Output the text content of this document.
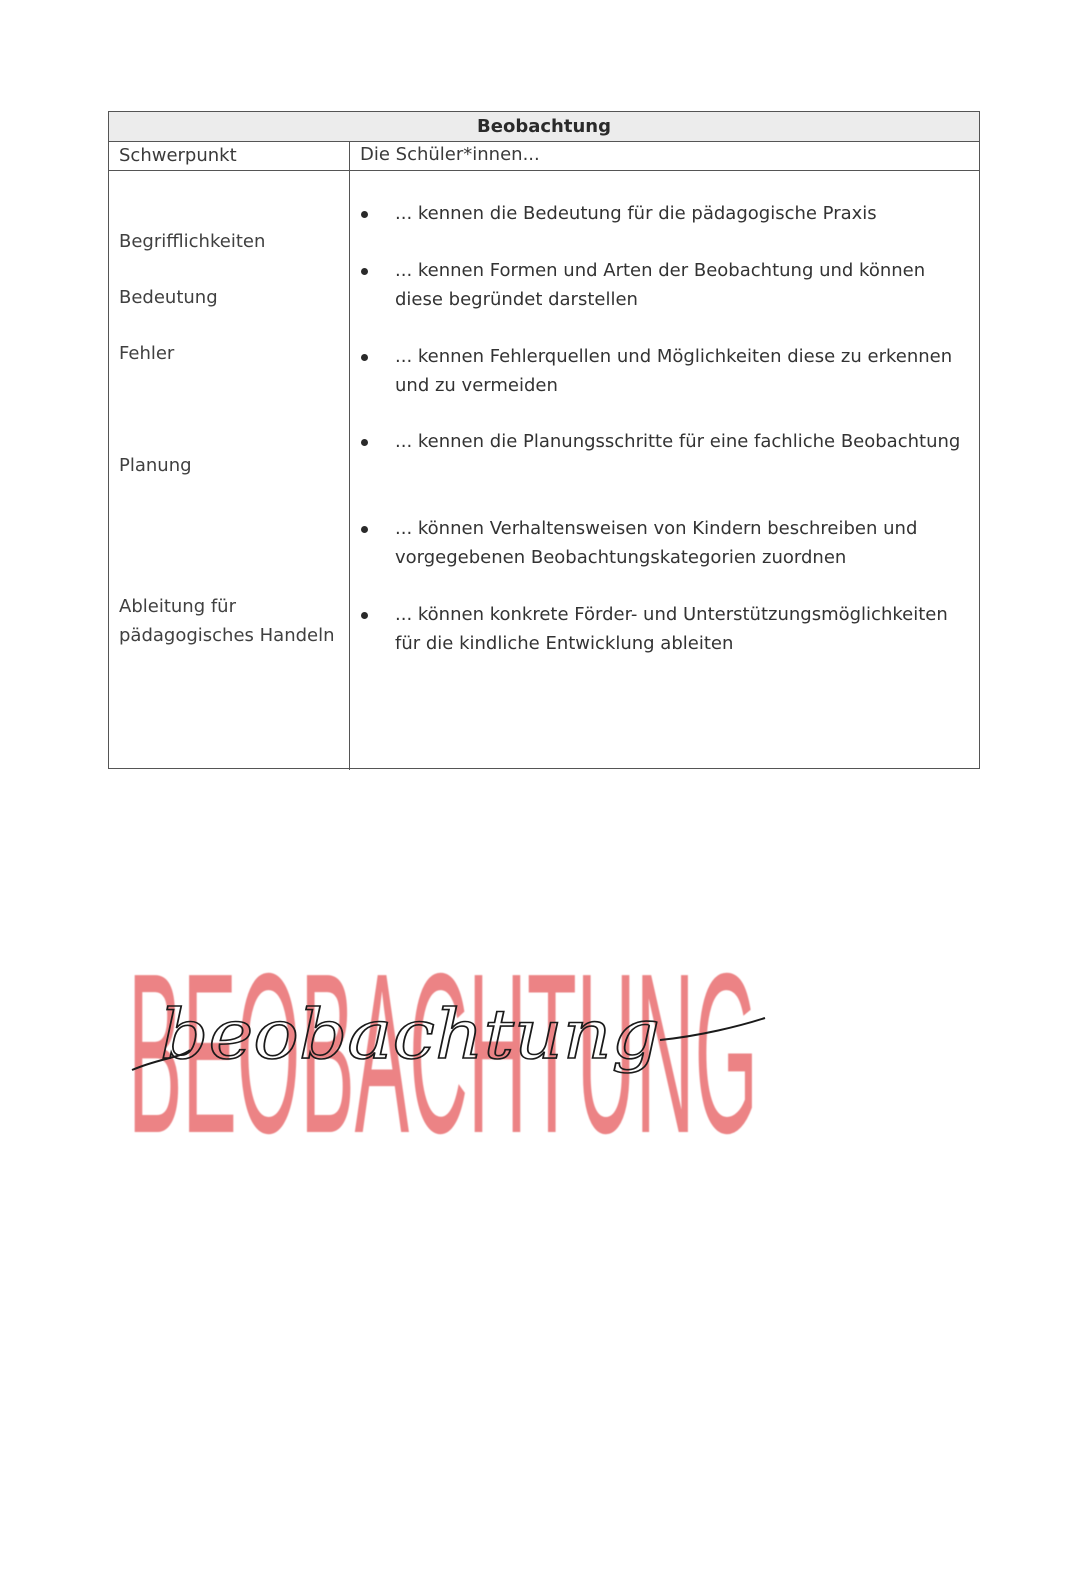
Beobachtung
Schwerpunkt	Die Schüler*innen...
Begrifflichkeiten
Bedeutung
Fehler
Planung
Ableitung für
pädagogisches Handeln
... kennen die Bedeutung für die pädagogische Praxis
... kennen Formen und Arten der Beobachtung und können diese begründet darstellen
... kennen Fehlerquellen und Möglichkeiten diese zu erkennen und zu vermeiden
... kennen die Planungsschritte für eine fachliche Beobachtung
... können Verhaltensweisen von Kindern beschreiben und vorgegebenen Beobachtungskategorien zuordnen
... können konkrete Förder- und Unterstützungsmöglichkeiten für die kindliche Entwicklung ableiten
BEOBACHTUNG
beobachtung
